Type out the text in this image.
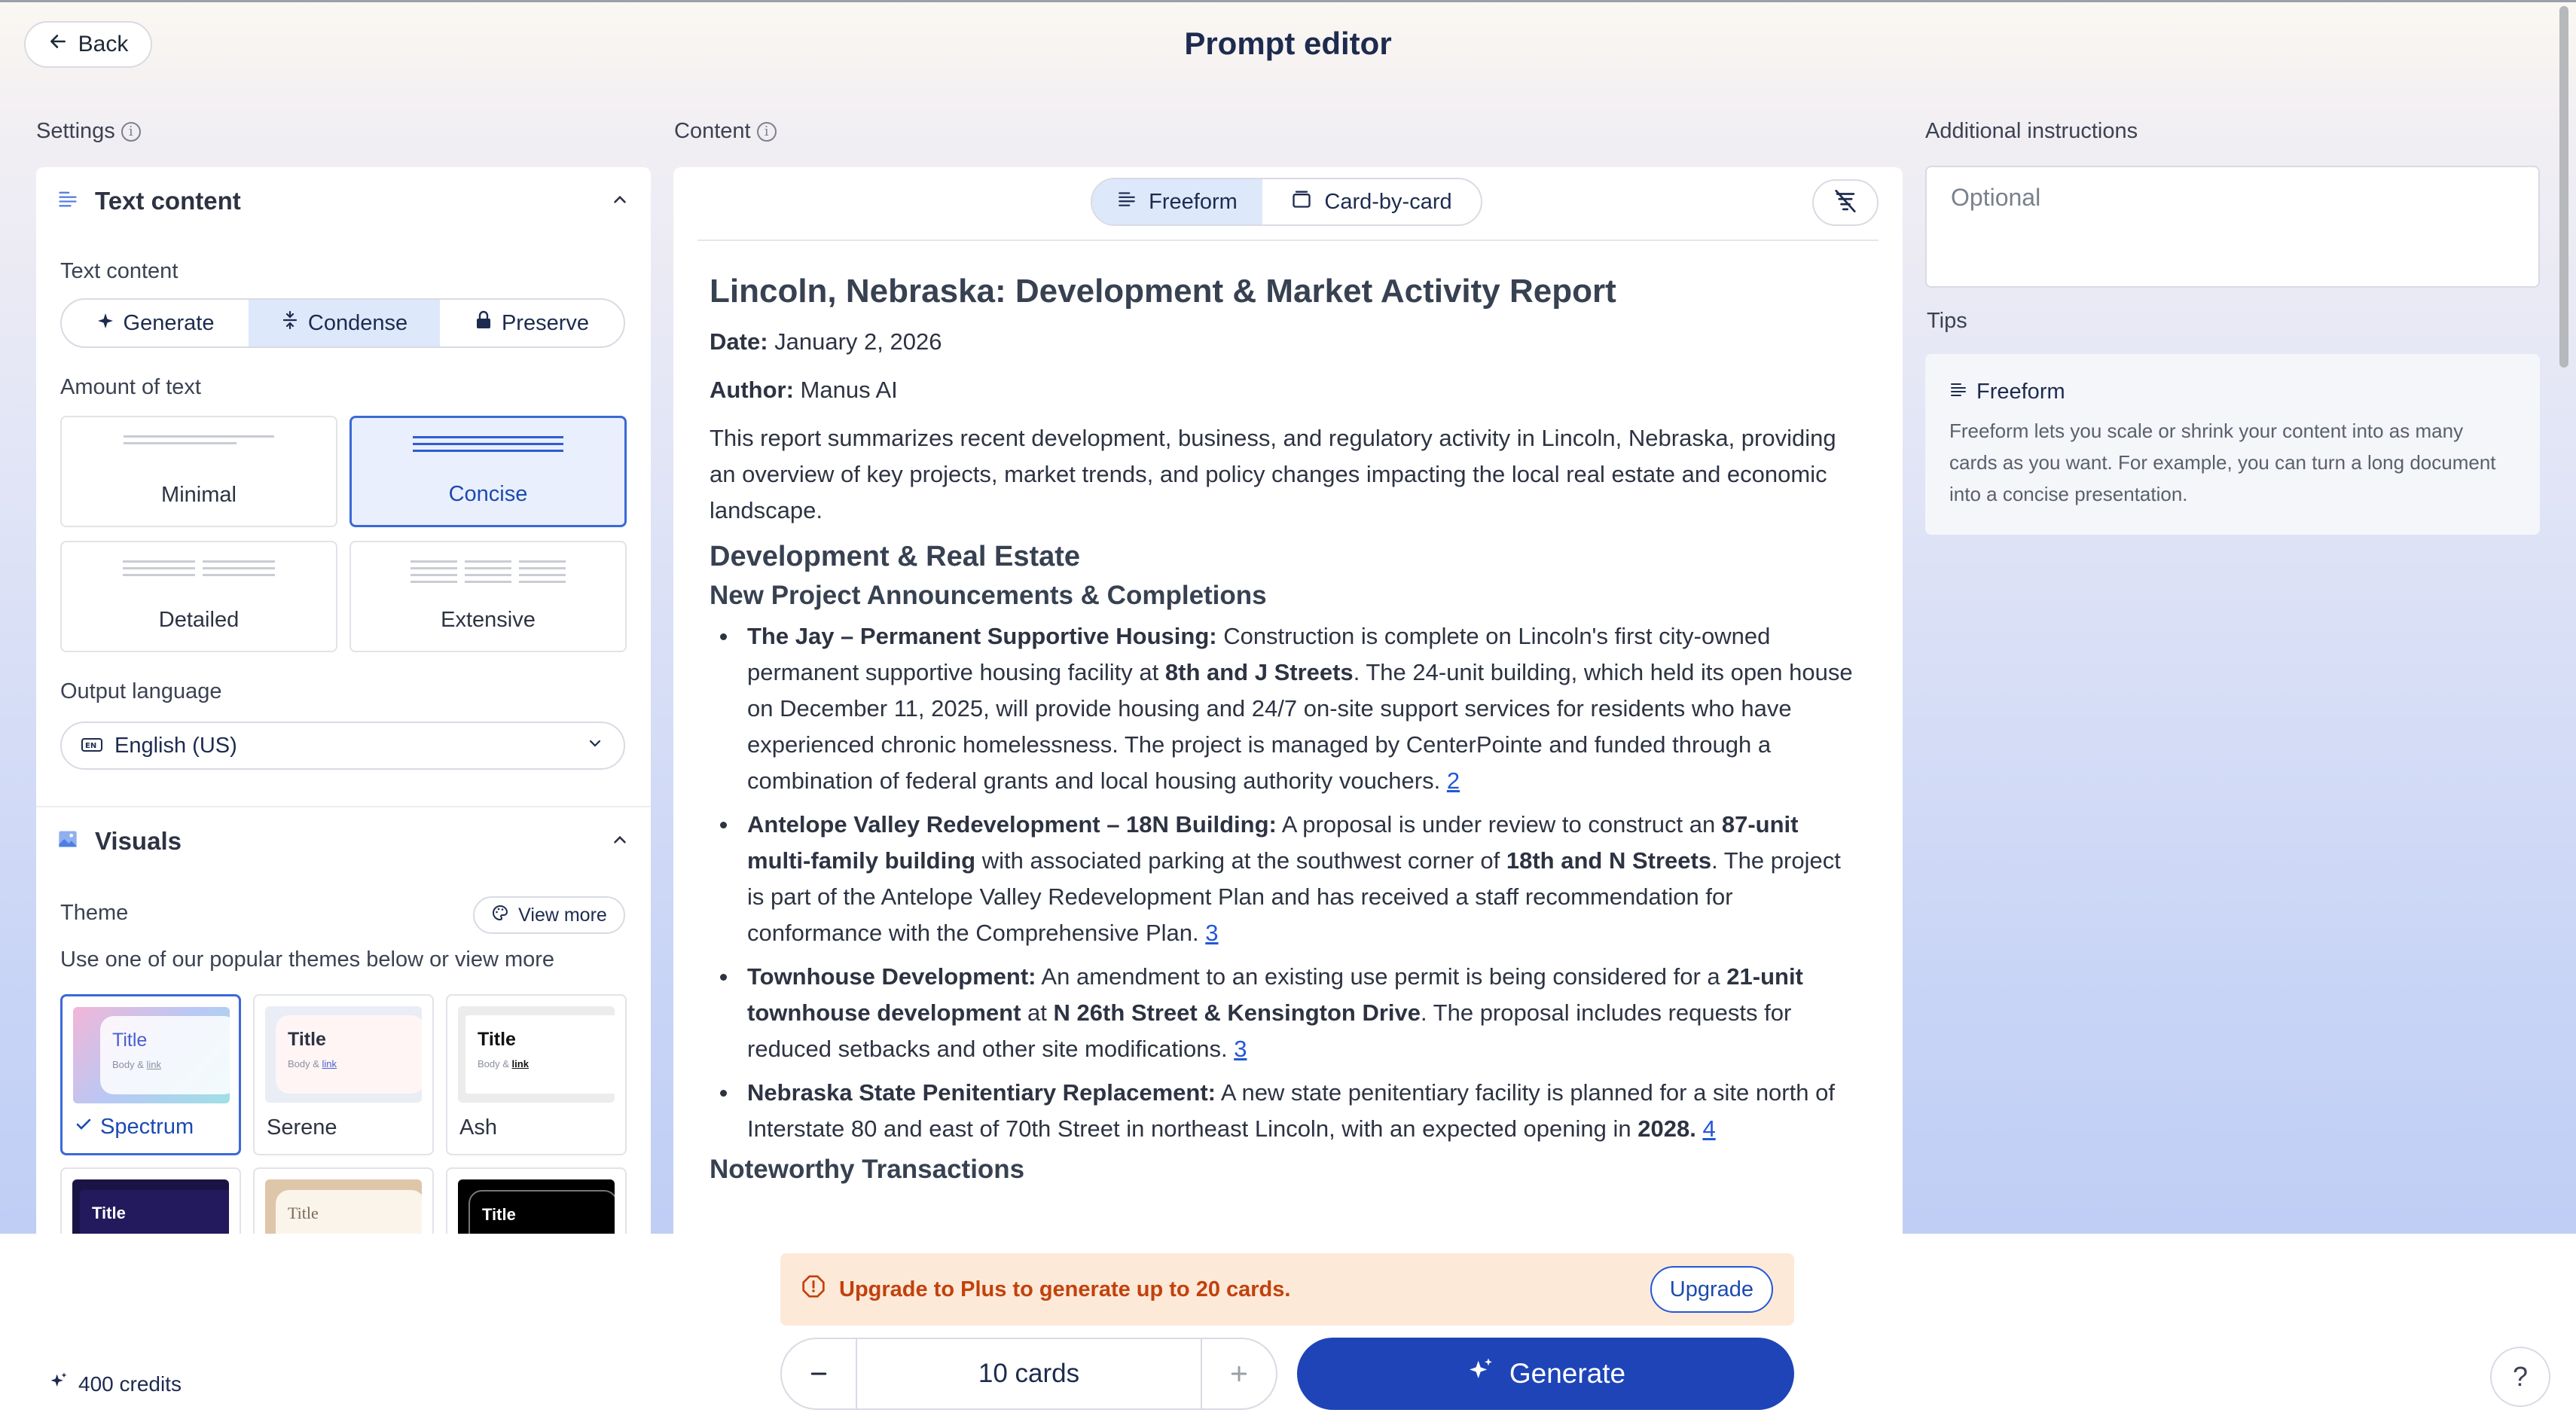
Back	Prompt editor
Settings	i	Content	i	Additional instructions
Text content
Text content
Generate	Condense	Preserve
Amount of text
Minimal	Concise
Detailed	Extensive
Output language
EN English (US)
Visuals
Theme	View more
Use one of our popular themes below or view more
Title
Body & link
Spectrum
Title
Body & link
Serene
Title
Body & link
Ash
Title	Title	Title
Freeform	Card-by-card
Lincoln, Nebraska: Development & Market Activity Report

Date: January 2, 2026

Author: Manus AI

This report summarizes recent development, business, and regulatory activity in Lincoln, Nebraska, providing an overview of key projects, market trends, and policy changes impacting the local real estate and economic landscape.

Development & Real Estate
New Project Announcements & Completions
The Jay – Permanent Supportive Housing: Construction is complete on Lincoln's first city-owned permanent supportive housing facility at 8th and J Streets. The 24-unit building, which held its open house on December 11, 2025, will provide housing and 24/7 on-site support services for residents who have experienced chronic homelessness. The project is managed by CenterPointe and funded through a combination of federal grants and local housing authority vouchers. 2
Antelope Valley Redevelopment – 18N Building: A proposal is under review to construct an 87-unit multi-family building with associated parking at the southwest corner of 18th and N Streets. The project is part of the Antelope Valley Redevelopment Plan and has received a staff recommendation for conformance with the Comprehensive Plan. 3
Townhouse Development: An amendment to an existing use permit is being considered for a 21-unit townhouse development at N 26th Street & Kensington Drive. The proposal includes requests for reduced setbacks and other site modifications. 3
Nebraska State Penitentiary Replacement: A new state penitentiary facility is planned for a site north of Interstate 80 and east of 70th Street in northeast Lincoln, with an expected opening in 2028. 4
Noteworthy Transactions
Optional
Tips
Freeform
Freeform lets you scale or shrink your content into as many cards as you want. For example, you can turn a long document into a concise presentation.
Upgrade to Plus to generate up to 20 cards.	Upgrade
10 cards	Generate
400 credits	?
